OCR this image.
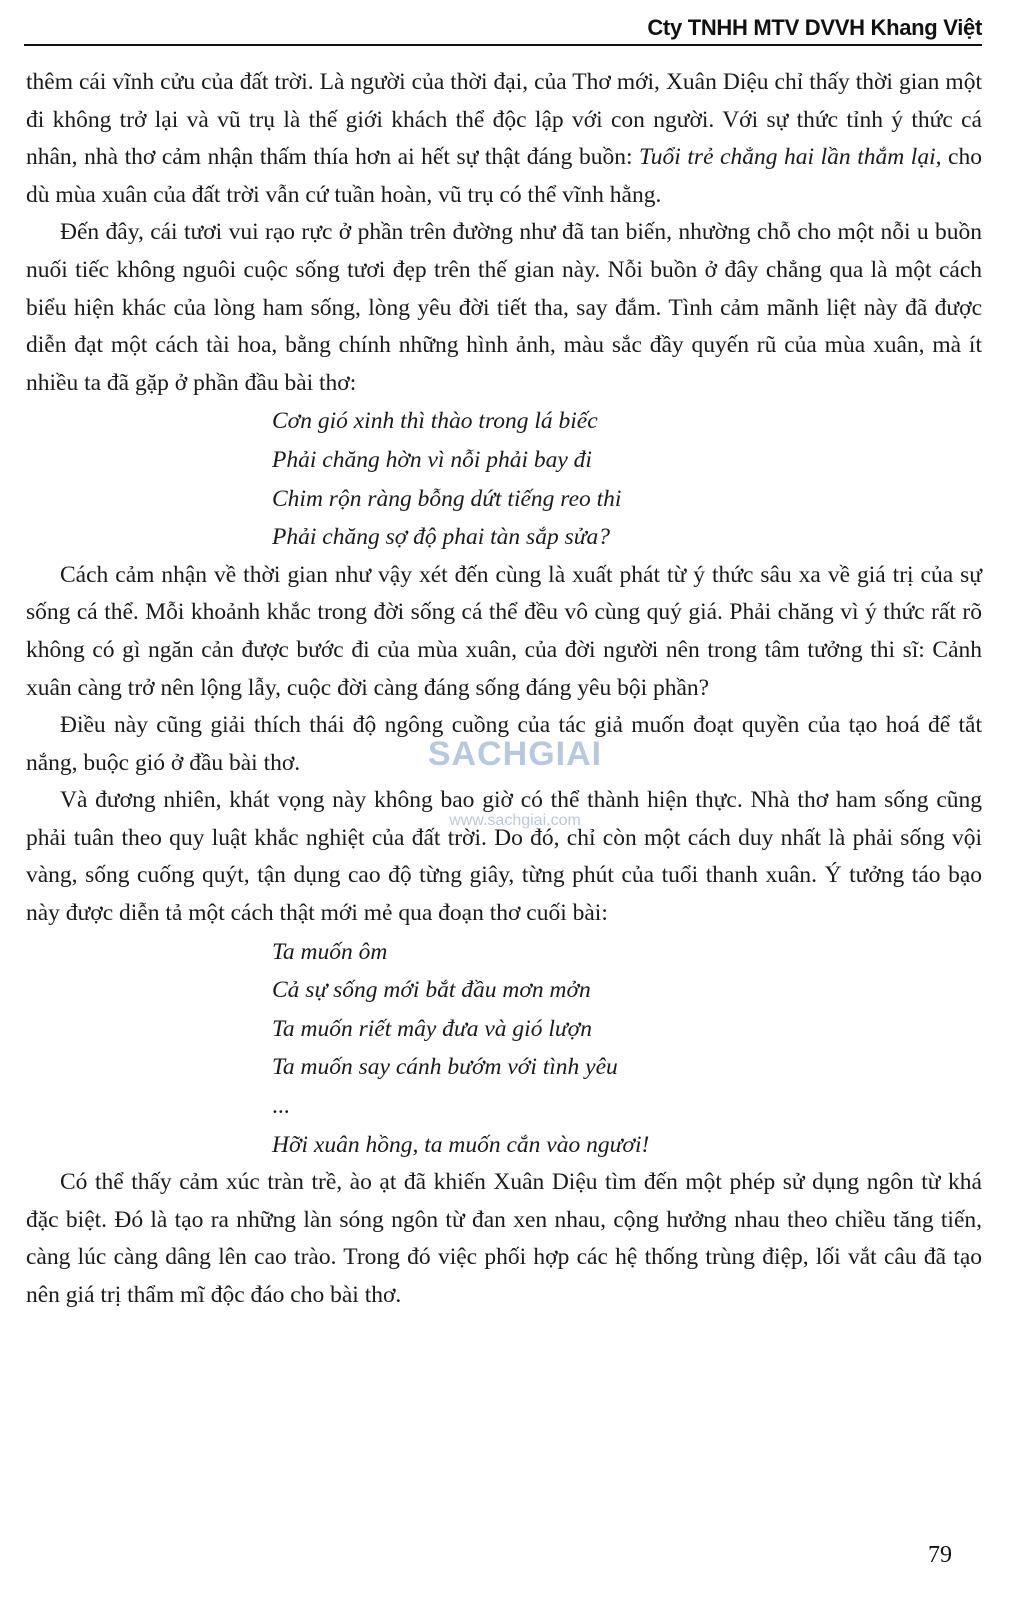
Cty TNHH MTV DVVH Khang Việt

thêm cái vĩnh cửu của đất trời. Là người của thời đại, của Thơ mới, Xuân Diệu chỉ thấy thời gian một đi không trở lại và vũ trụ là thế giới khách thể độc lập với con người. Với sự thức tỉnh ý thức cá nhân, nhà thơ cảm nhận thấm thía hơn ai hết sự thật đáng buồn: Tuổi trẻ chẳng hai lần thắm lại, cho dù mùa xuân của đất trời vẫn cứ tuần hoàn, vũ trụ có thể vĩnh hằng.

Đến đây, cái tươi vui rạo rực ở phần trên đường như đã tan biến, nhường chỗ cho một nỗi u buồn nuối tiếc không nguôi cuộc sống tươi đẹp trên thế gian này. Nỗi buồn ở đây chẳng qua là một cách biểu hiện khác của lòng ham sống, lòng yêu đời tiết tha, say đắm. Tình cảm mãnh liệt này đã được diễn đạt một cách tài hoa, bằng chính những hình ảnh, màu sắc đầy quyến rũ của mùa xuân, mà ít nhiều ta đã gặp ở phần đầu bài thơ:

Cơn gió xinh thì thào trong lá biếc
Phải chăng hờn vì nỗi phải bay đi
Chim rộn ràng bỗng dứt tiếng reo thi
Phải chăng sợ độ phai tàn sắp sửa?

Cách cảm nhận về thời gian như vậy xét đến cùng là xuất phát từ ý thức sâu xa về giá trị của sự sống cá thể. Mỗi khoảnh khắc trong đời sống cá thể đều vô cùng quý giá. Phải chăng vì ý thức rất rõ không có gì ngăn cản được bước đi của mùa xuân, của đời người nên trong tâm tưởng thi sĩ: Cảnh xuân càng trở nên lộng lẫy, cuộc đời càng đáng sống đáng yêu bội phần?

Điều này cũng giải thích thái độ ngông cuồng của tác giả muốn đoạt quyền của tạo hoá để tắt nắng, buộc gió ở đầu bài thơ.

Và đương nhiên, khát vọng này không bao giờ có thể thành hiện thực. Nhà thơ ham sống cũng phải tuân theo quy luật khắc nghiệt của đất trời. Do đó, chỉ còn một cách duy nhất là phải sống vội vàng, sống cuống quýt, tận dụng cao độ từng giây, từng phút của tuổi thanh xuân. Ý tưởng táo bạo này được diễn tả một cách thật mới mẻ qua đoạn thơ cuối bài:

Ta muốn ôm
Cả sự sống mới bắt đầu mơn mởn
Ta muốn riết mây đưa và gió lượn
Ta muốn say cánh bướm với tình yêu
...
Hỡi xuân hồng, ta muốn cắn vào ngươi!

Có thể thấy cảm xúc tràn trề, ào ạt đã khiến Xuân Diệu tìm đến một phép sử dụng ngôn từ khá đặc biệt. Đó là tạo ra những làn sóng ngôn từ đan xen nhau, cộng hưởng nhau theo chiều tăng tiến, càng lúc càng dâng lên cao trào. Trong đó việc phối hợp các hệ thống trùng điệp, lối vắt câu đã tạo nên giá trị thẩm mĩ độc đáo cho bài thơ.

SACHGIAI
www.sachgiai.com
79
